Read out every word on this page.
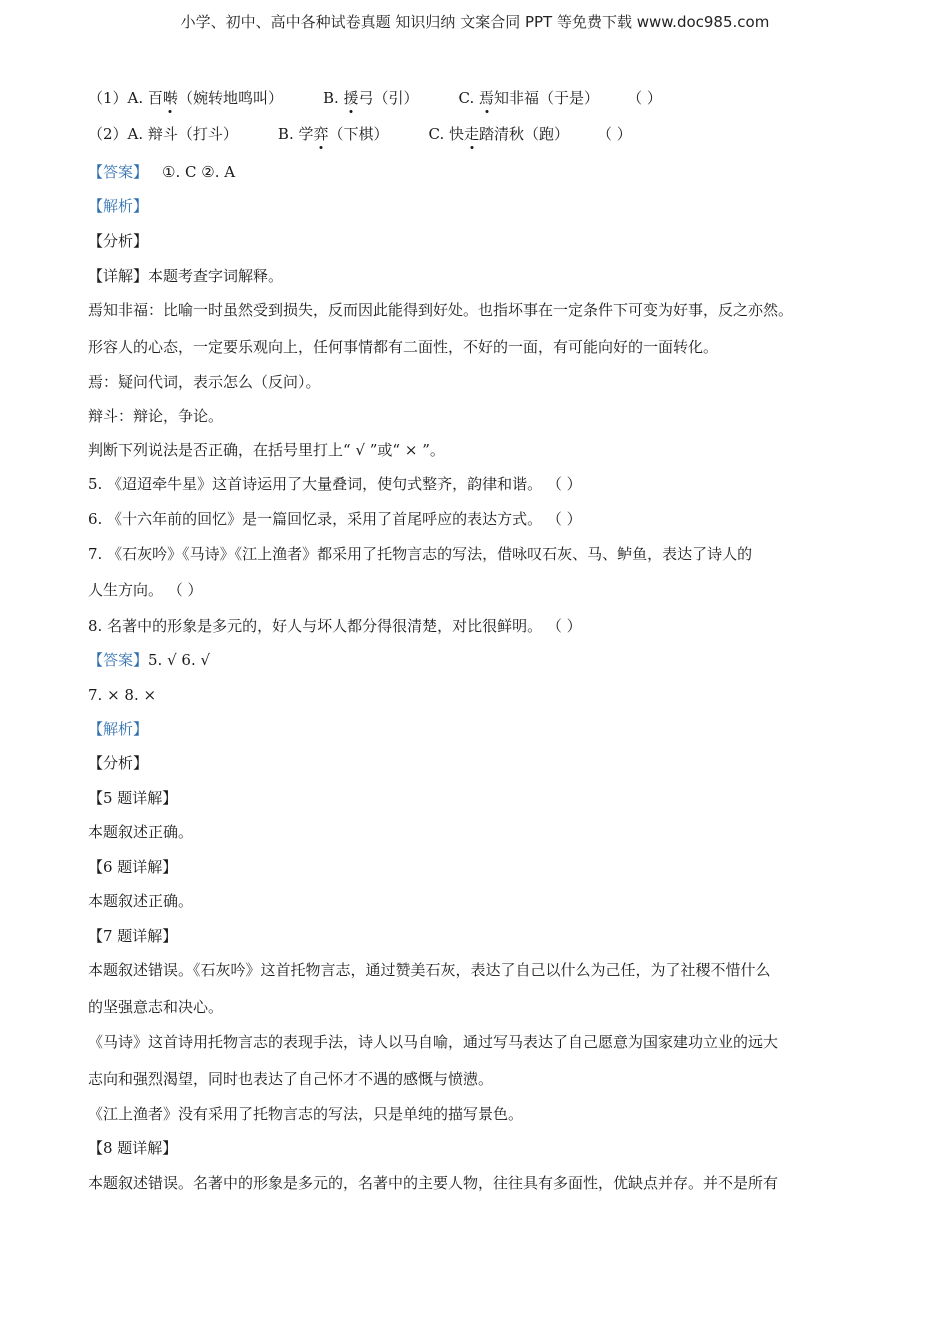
小学、初中、高中各种试卷真题 知识归纳 文案合同 PPT 等免费下载 www.doc985.com
（1）A. 百啭（婉转地鸣叫）	B. 援弓（引）	C. 焉知非福（于是） （ ）
（2）A. 辩斗（打斗）	B. 学弈（下棋）	C. 快走踏清秋（跑） （ ）
【答案】 ①. C ②. A
【解析】
【分析】
【详解】本题考查字词解释。
焉知非福：比喻一时虽然受到损失，反而因此能得到好处。也指坏事在一定条件下可变为好事，反之亦然。
形容人的心态，一定要乐观向上，任何事情都有二面性，不好的一面，有可能向好的一面转化。
焉：疑问代词，表示怎么（反问）。
辩斗：辩论，争论。
判断下列说法是否正确，在括号里打上“ √ ”或“ × ”。
5. 《迢迢牵牛星》这首诗运用了大量叠词，使句式整齐，韵律和谐。 （ ）
6. 《十六年前的回忆》是一篇回忆录，采用了首尾呼应的表达方式。 （ ）
7. 《石灰吟》《马诗》《江上渔者》都采用了托物言志的写法，借咏叹石灰、马、鲈鱼，表达了诗人的
人生方向。 （ ）
8. 名著中的形象是多元的，好人与坏人都分得很清楚，对比很鲜明。 （ ）
【答案】5. √ 6. √
7. × 8. ×
【解析】
【分析】
【5 题详解】
本题叙述正确。
【6 题详解】
本题叙述正确。
【7 题详解】
本题叙述错误。《石灰吟》这首托物言志，通过赞美石灰，表达了自己以什么为己任，为了社稷不惜什么
的坚强意志和决心。
《马诗》这首诗用托物言志的表现手法，诗人以马自喻，通过写马表达了自己愿意为国家建功立业的远大
志向和强烈渴望，同时也表达了自己怀才不遇的感慨与愤懑。
《江上渔者》没有采用了托物言志的写法，只是单纯的描写景色。
【8 题详解】
本题叙述错误。名著中的形象是多元的，名著中的主要人物，往往具有多面性，优缺点并存。并不是所有
